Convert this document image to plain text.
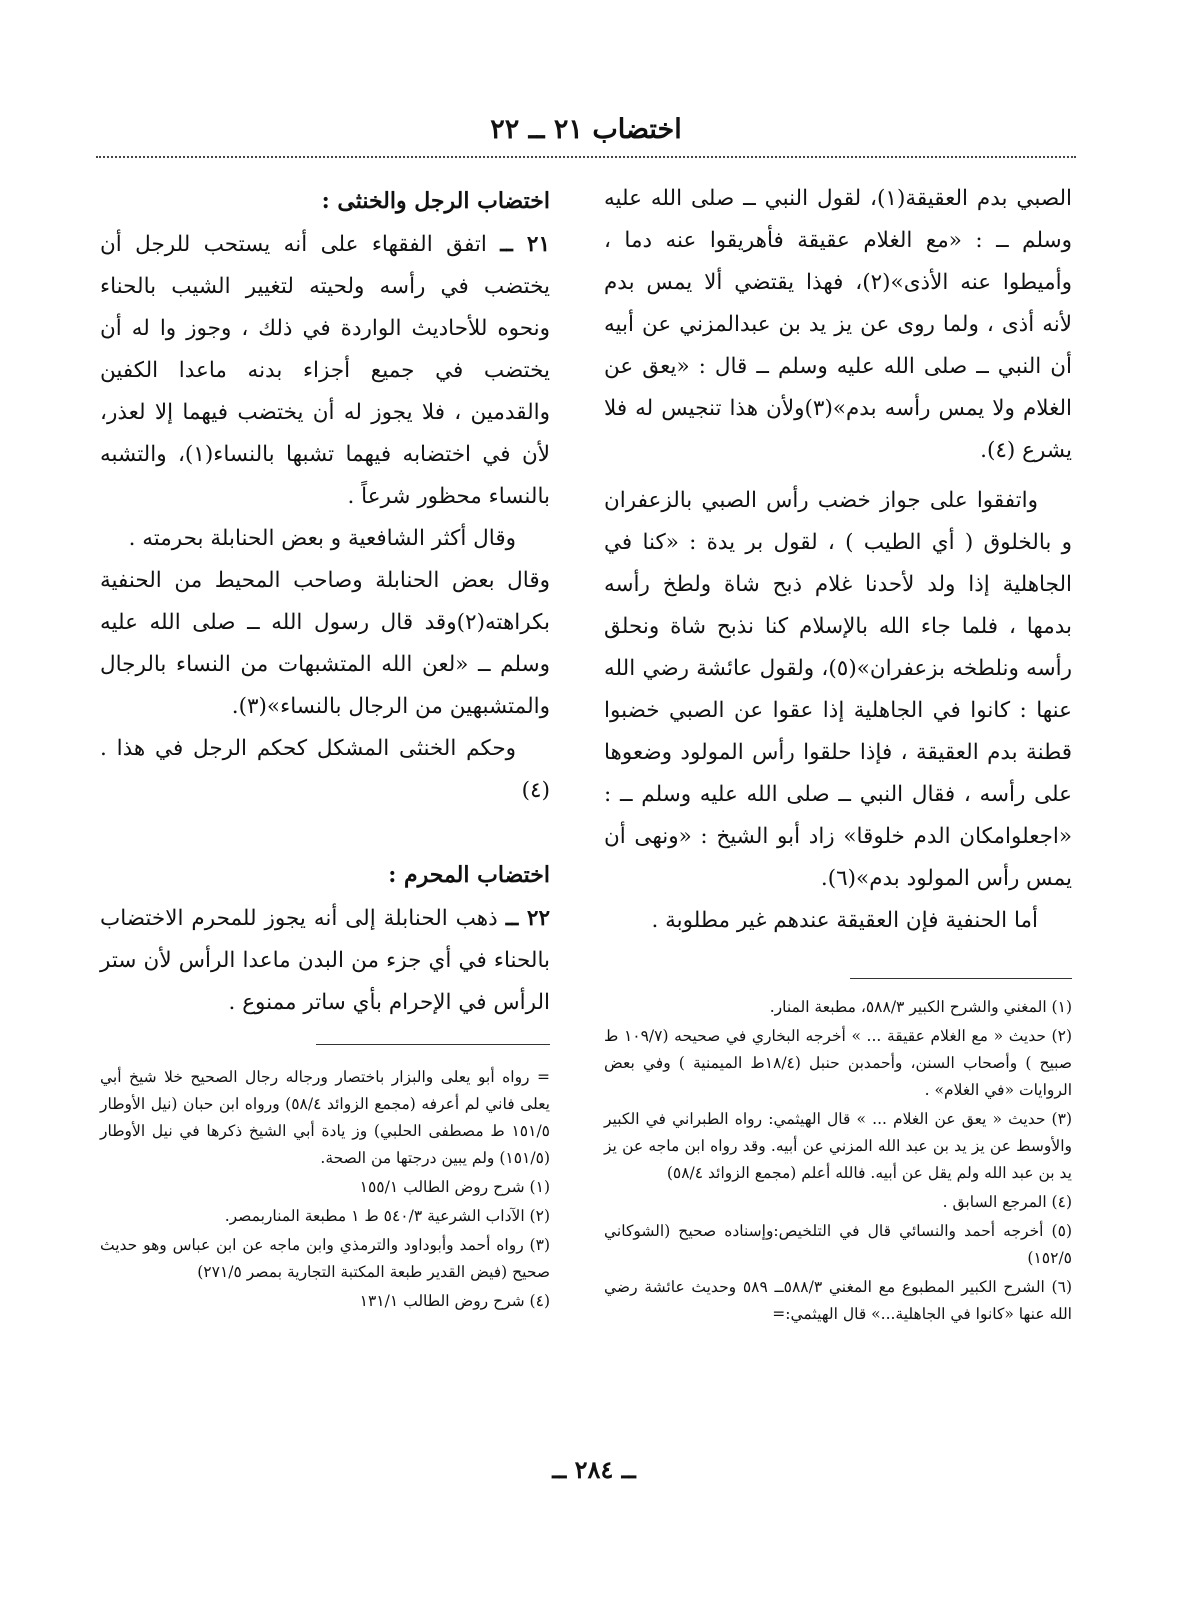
اختضاب ٢١ ــ ٢٢

الصبي بدم العقيقة(١)، لقول النبي ــ صلى الله عليه وسلم ــ : «مع الغلام عقيقة فأهريقوا عنه دما ، وأميطوا عنه الأذى»(٢)، فهذا يقتضي ألا يمس بدم لأنه أذى ، ولما روى عن يز يد بن عبدالمزني عن أبيه أن النبي ــ صلى الله عليه وسلم ــ قال : «يعق عن الغلام ولا يمس رأسه بدم»(٣)ولأن هذا تنجيس له فلا يشرع (٤).

واتفقوا على جواز خضب رأس الصبي بالزعفران و بالخلوق ( أي الطيب ) ، لقول بر يدة : «كنا في الجاهلية إذا ولد لأحدنا غلام ذبح شاة ولطخ رأسه بدمها ، فلما جاء الله بالإسلام كنا نذبح شاة ونحلق رأسه ونلطخه بزعفران»(٥)، ولقول عائشة رضي الله عنها : كانوا في الجاهلية إذا عقوا عن الصبي خضبوا قطنة بدم العقيقة ، فإذا حلقوا رأس المولود وضعوها على رأسه ، فقال النبي ــ صلى الله عليه وسلم ــ : «اجعلوامكان الدم خلوقا» زاد أبو الشيخ : «ونهى أن يمس رأس المولود بدم»(٦).

أما الحنفية فإن العقيقة عندهم غير مطلوبة .

اختضاب الرجل والخنثى :

٢١ ــ اتفق الفقهاء على أنه يستحب للرجل أن يختضب في رأسه ولحيته لتغيير الشيب بالحناء ونحوه للأحاديث الواردة في ذلك ، وجوز وا له أن يختضب في جميع أجزاء بدنه ماعدا الكفين والقدمين ، فلا يجوز له أن يختضب فيهما إلا لعذر، لأن في اختضابه فيهما تشبها بالنساء(١)، والتشبه بالنساء محظور شرعاً .

وقال أكثر الشافعية و بعض الحنابلة بحرمته .

وقال بعض الحنابلة وصاحب المحيط من الحنفية بكراهته(٢)وقد قال رسول الله ــ صلى الله عليه وسلم ــ «لعن الله المتشبهات من النساء بالرجال والمتشبهين من الرجال بالنساء»(٣).

وحكم الخنثى المشكل كحكم الرجل في هذا .(٤)

اختضاب المحرم :

٢٢ ــ ذهب الحنابلة إلى أنه يجوز للمحرم الاختضاب بالحناء في أي جزء من البدن ماعدا الرأس لأن ستر الرأس في الإحرام بأي ساتر ممنوع .	(١) المغني والشرح الكبير ٥٨٨/٣، مطبعة المنار.

(٢) حديث « مع الغلام عقيقة ... » أخرجه البخاري في صحيحه (١٠٩/٧ ط صبيح ) وأصحاب السنن، وأحمدبن حنبل (١٨/٤ط الميمنية ) وفي بعض الروايات «في الغلام» .

(٣) حديث « يعق عن الغلام ... » قال الهيثمي: رواه الطبراني في الكبير والأوسط عن يز يد بن عبد الله المزني عن أبيه. وقد رواه ابن ماجه عن يز يد بن عبد الله ولم يقل عن أبيه. فالله أعلم (مجمع الزوائد ٥٨/٤)

(٤) المرجع السابق .

(٥) أخرجه أحمد والنسائي قال في التلخيص:وإسناده صحيح (الشوكاني ١٥٢/٥)

(٦) الشرح الكبير المطبوع مع المغني ٥٨٨/٣ــ ٥٨٩ وحديث عائشة رضي الله عنها «كانوا في الجاهلية...» قال الهيثمي:=

= رواه أبو يعلى والبزار باختصار ورجاله رجال الصحيح خلا شيخ أبي يعلى فاني لم أعرفه (مجمع الزوائد ٥٨/٤) ورواه ابن حبان (نيل الأوطار ١٥١/٥ ط مصطفى الحلبي) وز يادة أبي الشيخ ذكرها في نيل الأوطار (١٥١/٥) ولم يبين درجتها من الصحة.

(١) شرح روض الطالب ١٥٥/١

(٢) الآداب الشرعية ٥٤٠/٣ ط ١ مطبعة المناربمصر.

(٣) رواه أحمد وأبوداود والترمذي وابن ماجه عن ابن عباس وهو حديث صحيح (فيض القدير طبعة المكتبة التجارية بمصر ٢٧١/٥)

(٤) شرح روض الطالب ١٣١/١

ــ ٢٨٤ ــ
